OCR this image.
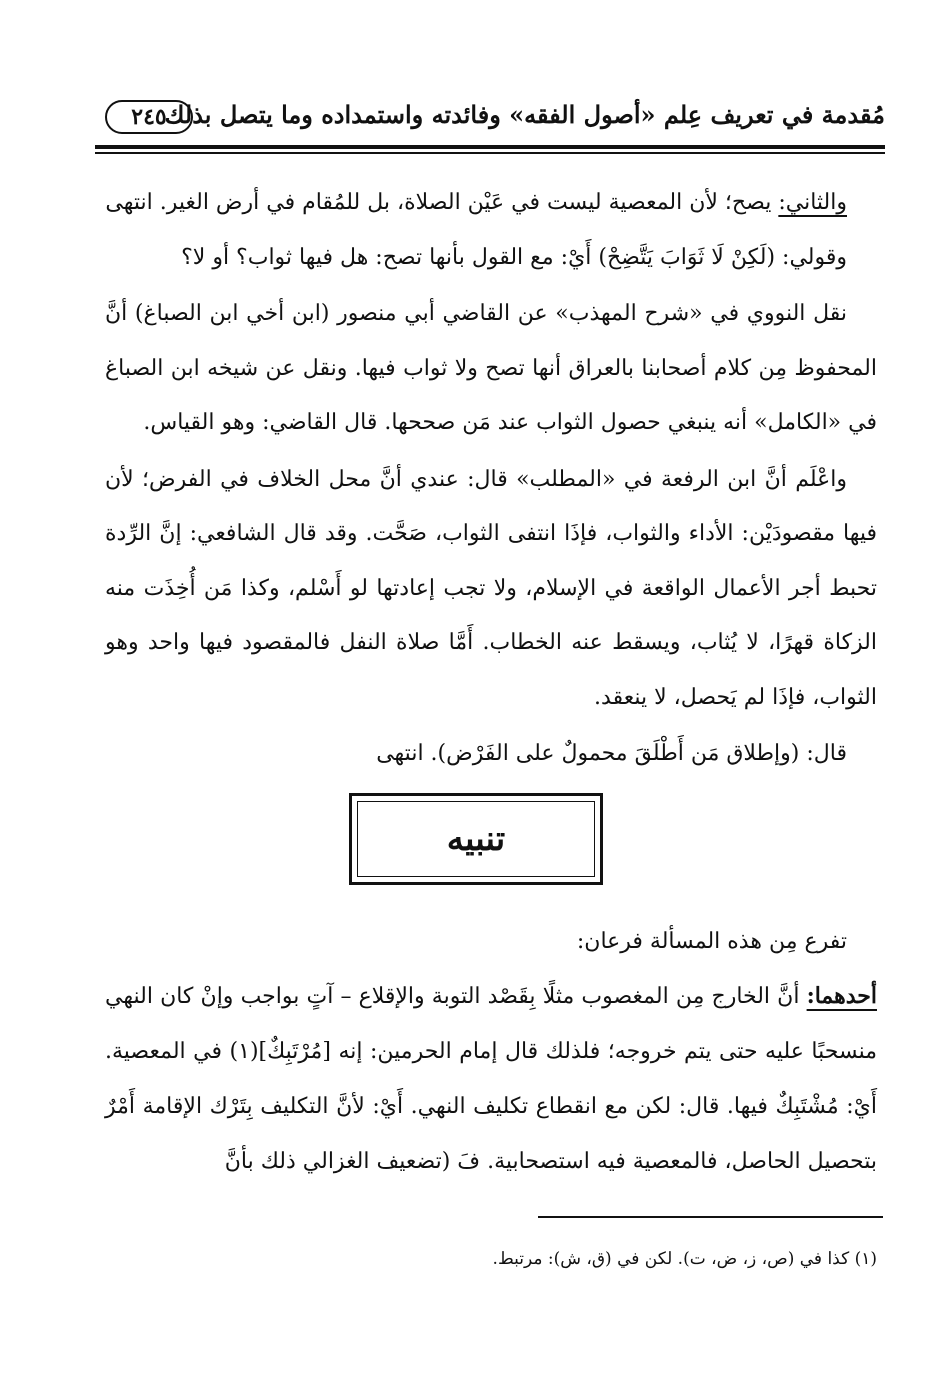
مُقدمة في تعريف عِلم «أصول الفقه» وفائدته واستمداده وما يتصل بذلك
٢٤٥

والثاني: يصح؛ لأن المعصية ليست في عَيْن الصلاة، بل للمُقام في أرض الغير. انتهى

وقولي: (لَكِنْ لَا ثَوَابَ يَتَّضِحْ) أَيْ: مع القول بأنها تصح: هل فيها ثواب؟ أو لا؟

نقل النووي في «شرح المهذب» عن القاضي أبي منصور (ابن أخي ابن الصباغ) أنَّ المحفوظ مِن كلام أصحابنا بالعراق أنها تصح ولا ثواب فيها. ونقل عن شيخه ابن الصباغ في «الكامل» أنه ينبغي حصول الثواب عند مَن صححها. قال القاضي: وهو القياس.

واعْلَم أنَّ ابن الرفعة في «المطلب» قال: عندي أنَّ محل الخلاف في الفرض؛ لأن فيها مقصودَيْن: الأداء والثواب، فإذَا انتفى الثواب، صَحَّت. وقد قال الشافعي: إنَّ الرِّدة تحبط أجر الأعمال الواقعة في الإسلام، ولا تجب إعادتها لو أَسْلم، وكذا مَن أُخِذَت منه الزكاة قهرًا، لا يُثاب، ويسقط عنه الخطاب. أَمَّا صلاة النفل فالمقصود فيها واحد وهو الثواب، فإذَا لم يَحصل، لا ينعقد.

قال: (وإطلاق مَن أَطْلَقَ محمولٌ على الفَرْض). انتهى

تنبيه

تفرع مِن هذه المسألة فرعان:

أحدهما: أنَّ الخارج مِن المغصوب مثلًا بِقَصْد التوبة والإقلاع – آتٍ بواجب وإنْ كان النهي منسحبًا عليه حتى يتم خروجه؛ فلذلك قال إمام الحرمين: إنه [مُرْتَبِكٌ](١) في المعصية. أَيْ: مُشْتَبِكٌ فيها. قال: لكن مع انقطاع تكليف النهي. أَيْ: لأنَّ التكليف بِتَرْك الإقامة أَمْرٌ بتحصيل الحاصل، فالمعصية فيه استصحابية. فَ (تضعيف الغزالي ذلك بأنَّ

(١) كذا في (ص، ز، ض، ت). لكن في (ق، ش): مرتبط.
